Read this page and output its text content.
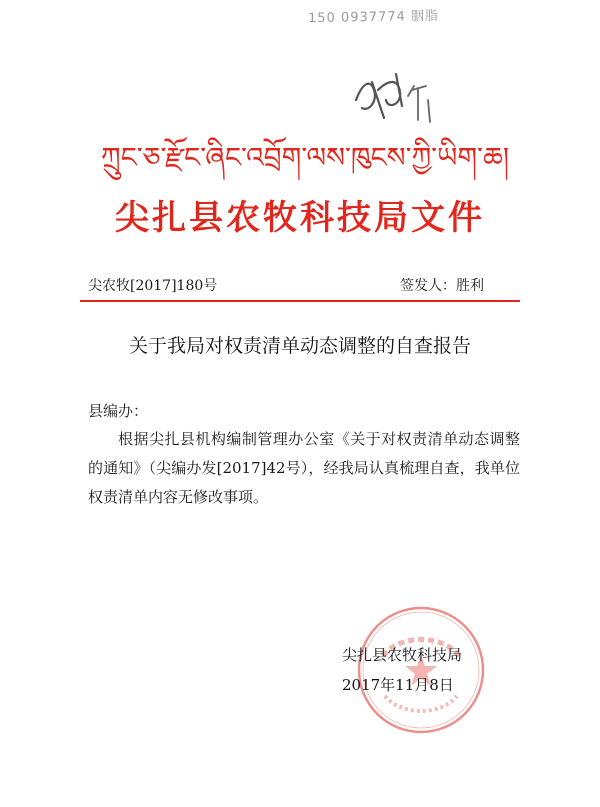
150 0937774 胭脂
ཀྲུང་ཅ་རྫོང་ཞིང་འབྲོག་ལས་ཁུངས་ཀྱི་ཡིག་ཆ།
尖扎县农牧科技局文件
尖农牧[2017]180号	签发人：胜利
关于我局对权责清单动态调整的自查报告
县编办：
根据尖扎县机构编制管理办公室《关于对权责清单动态调整的通知》（尖编办发[2017]42号），经我局认真梳理自查，我单位权责清单内容无修改事项。
尖扎县农牧科技局
2017年11月8日
